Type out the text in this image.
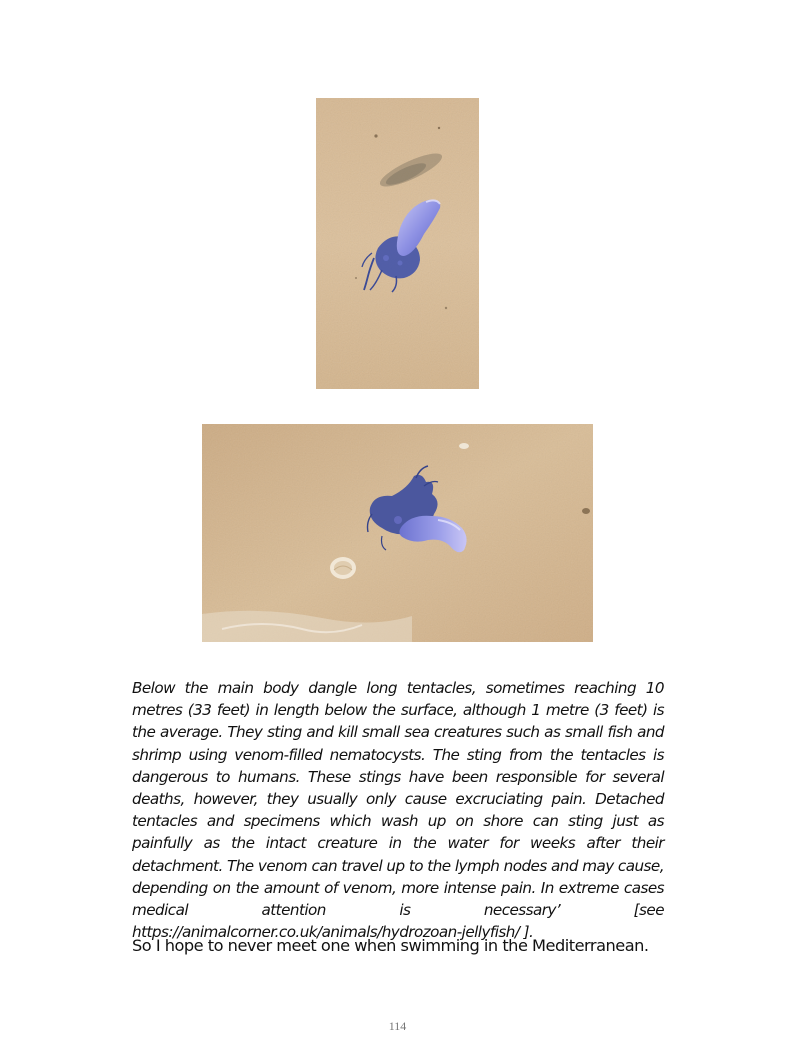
Below the main body dangle long tentacles, sometimes reaching 10 metres (33 feet) in length below the surface, although 1 metre (3 feet) is the average. They sting and kill small sea creatures such as small fish and shrimp using venom-filled nematocysts. The sting from the tentacles is dangerous to humans. These stings have been responsible for several deaths, however, they usually only cause excruciating pain. Detached tentacles and specimens which wash up on shore can sting just as painfully as the intact creature in the water for weeks after their detachment. The venom can travel up to the lymph nodes and may cause, depending on the amount of venom, more intense pain. In extreme cases medical attention is necessary’ [see https://animalcorner.co.uk/animals/hydrozoan-jellyfish/ ].

So I hope to never meet one when swimming in the Mediterranean.

114
